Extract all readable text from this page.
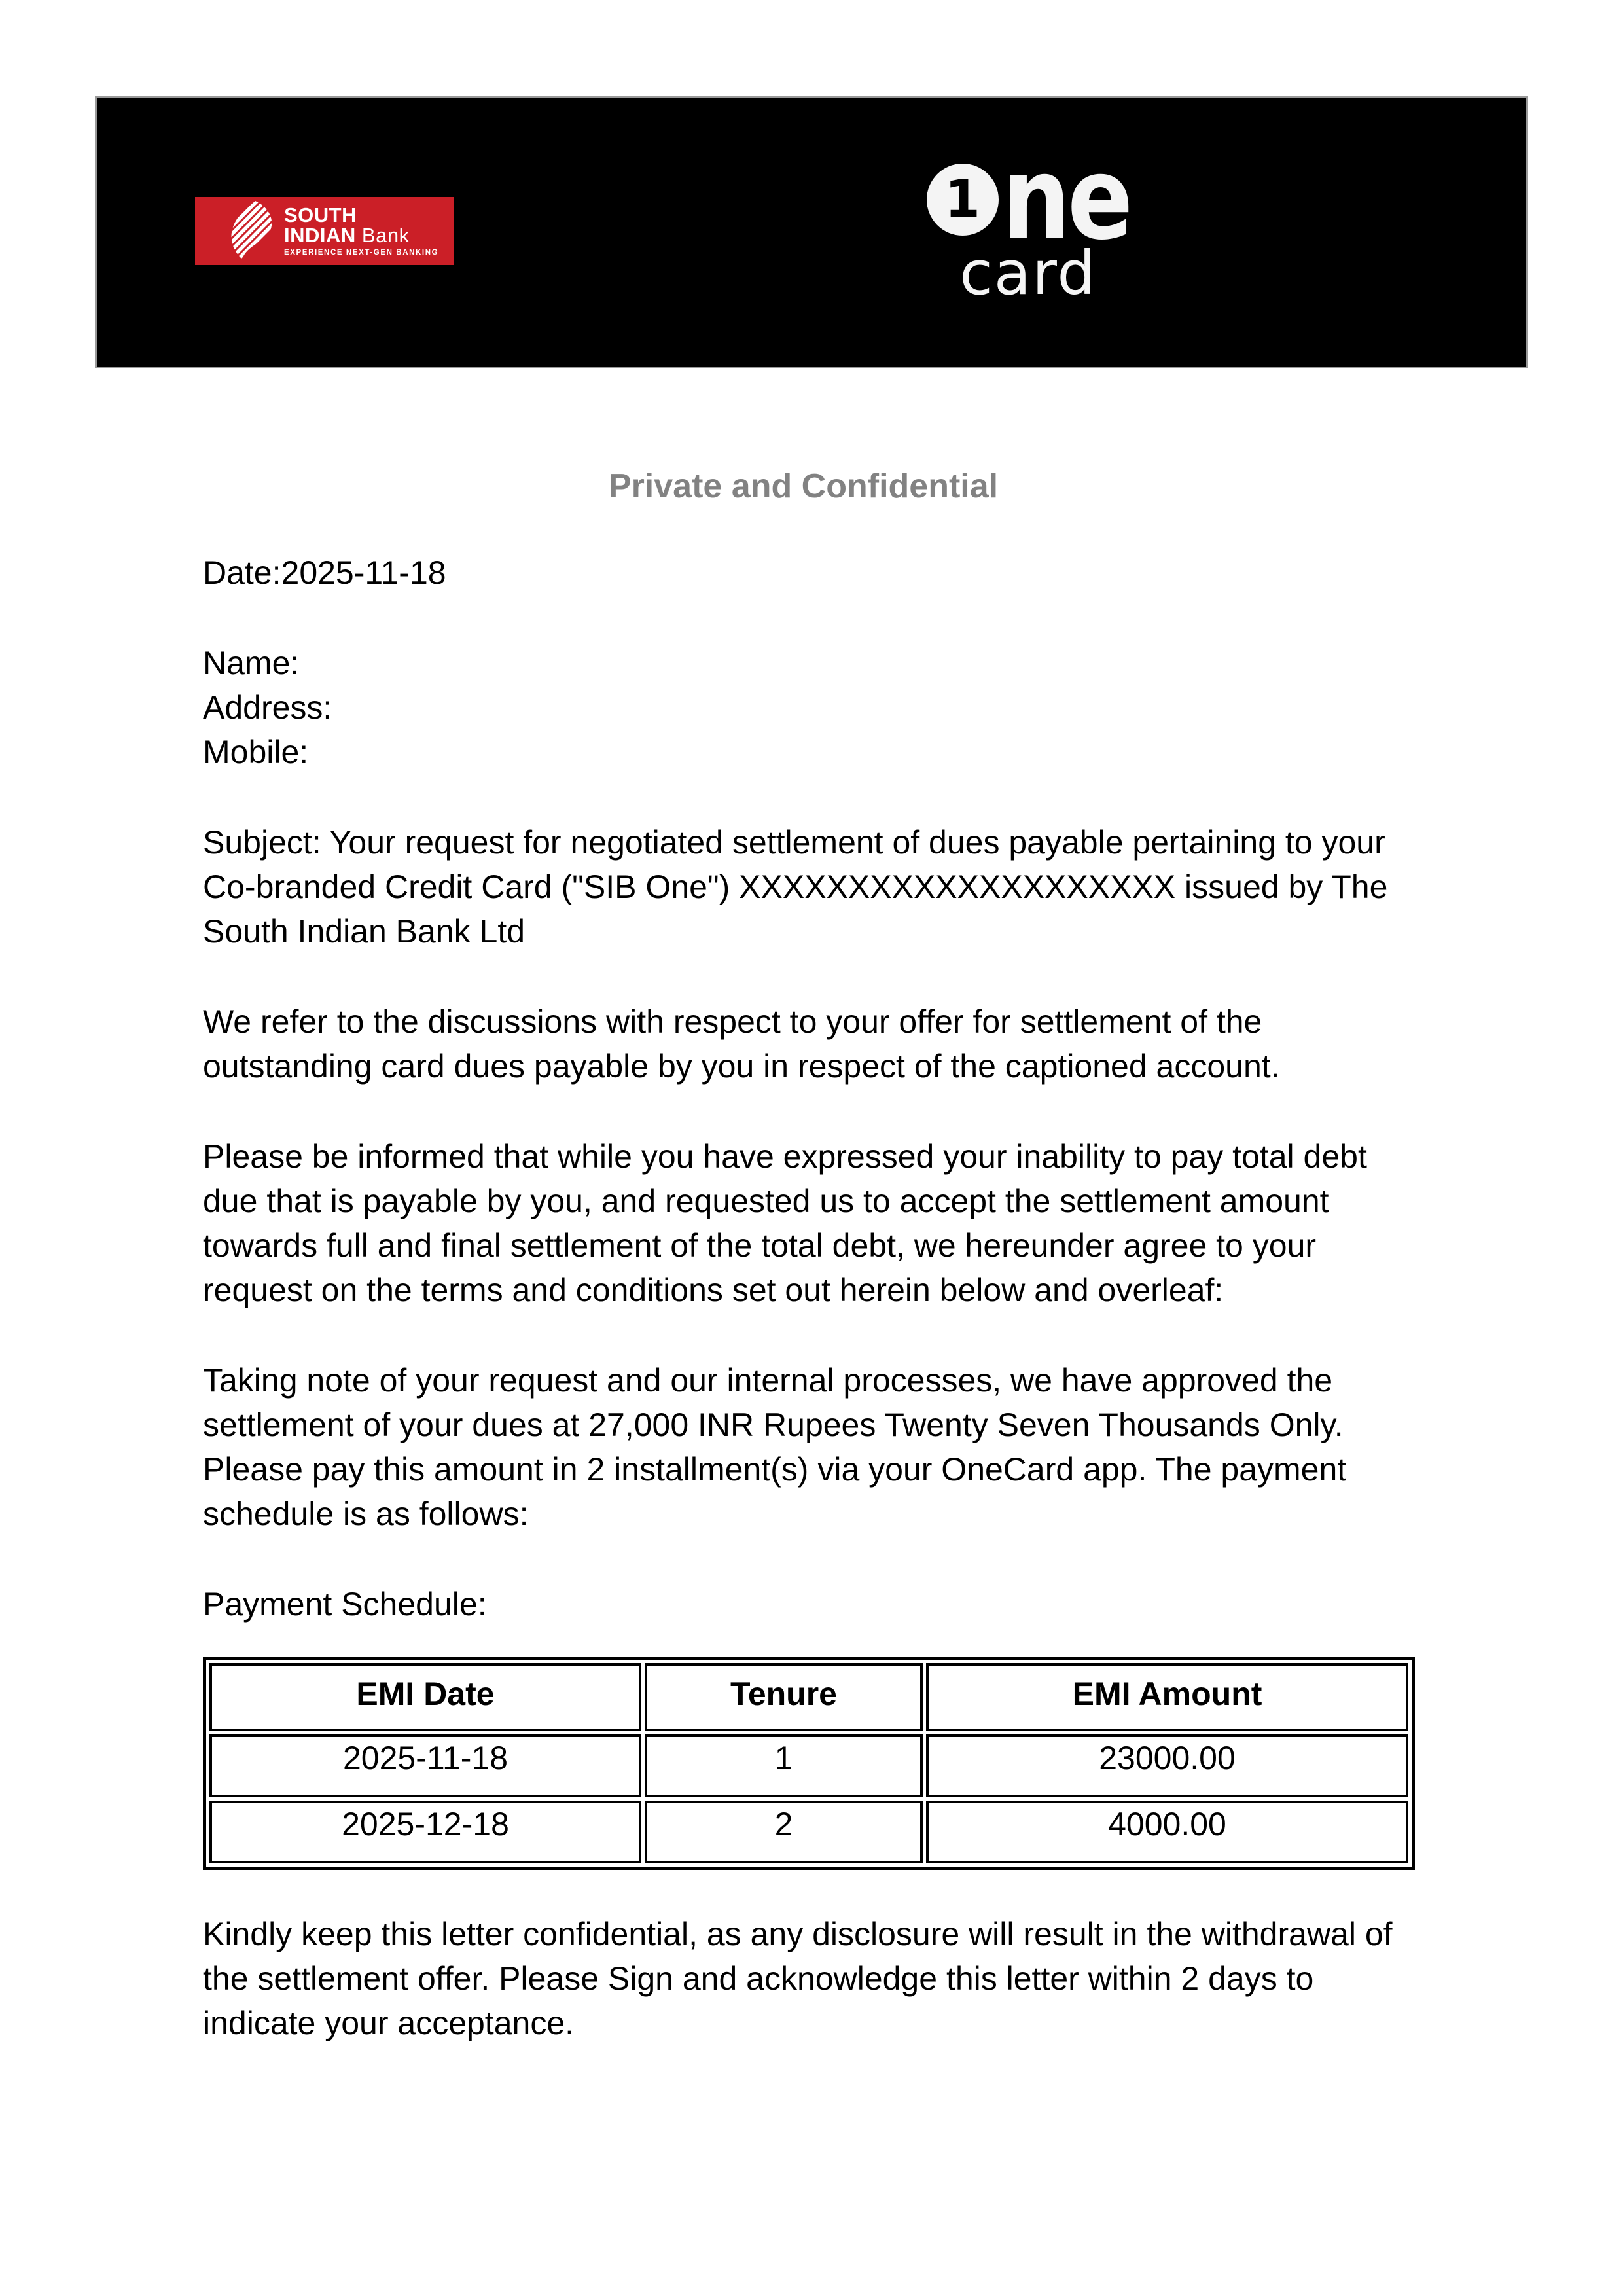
SOUTH
INDIAN Bank
EXPERIENCE NEXT-GEN BANKING
1 ne
card
Private and Confidential
Date:2025-11-18
Name:
Address:
Mobile:
Subject: Your request for negotiated settlement of dues payable pertaining to your
Co-branded Credit Card ("SIB One") XXXXXXXXXXXXXXXXXXXX issued by The
South Indian Bank Ltd
We refer to the discussions with respect to your offer for settlement of the
outstanding card dues payable by you in respect of the captioned account.
Please be informed that while you have expressed your inability to pay total debt
due that is payable by you, and requested us to accept the settlement amount
towards full and final settlement of the total debt, we hereunder agree to your
request on the terms and conditions set out herein below and overleaf:
Taking note of your request and our internal processes, we have approved the
settlement of your dues at 27,000 INR Rupees Twenty Seven Thousands Only.
Please pay this amount in 2 installment(s) via your OneCard app. The payment
schedule is as follows:
Payment Schedule:
EMI Date	Tenure	EMI Amount
2025-11-18	1	23000.00
2025-12-18	2	4000.00
Kindly keep this letter confidential, as any disclosure will result in the withdrawal of
the settlement offer. Please Sign and acknowledge this letter within 2 days to
indicate your acceptance.
